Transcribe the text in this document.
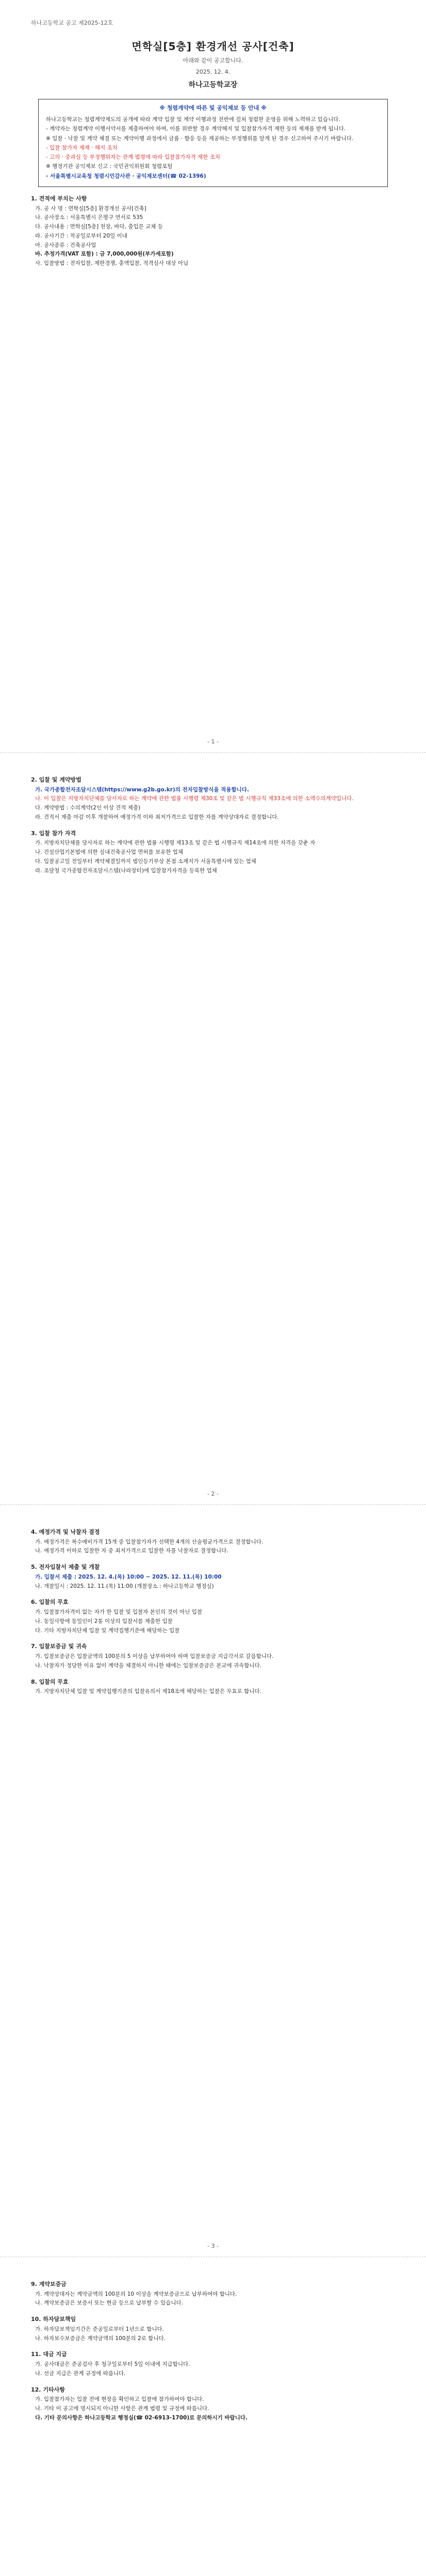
하나고등학교 공고 제2025-12호
면학실[5층] 환경개선 공사[건축]
아래와 같이 공고합니다.
2025. 12. 4.
하나고등학교장
※ 청렴계약에 따른 및 공익제보 등 안내 ※

하나고등학교는 청렴계약제도의 공개에 따라 계약 입찰 및 계약 이행과정 전반에 걸쳐 청렴한 운영을 위해 노력하고 있습니다.

- 계약자는 청렴계약 이행서약서를 제출하여야 하며, 이를 위반할 경우 계약해지 및 입찰참가자격 제한 등의 제재를 받게 됩니다.

※ 입찰 · 낙찰 및 계약 체결 또는 계약이행 과정에서 금품 · 향응 등을 제공하는 부정행위를 알게 된 경우 신고하여 주시기 바랍니다.

- 입찰 참가자 제재 · 해지 조치

- 고의 · 중과실 등 부정행위자는 관계 법령에 따라 입찰참가자격 제한 조치

※ 행정기관 공익제보 신고 : 국민권익위원회 청렴포털

- 서울특별시교육청 청렴시민감사관 · 공익제보센터(☎ 02-1396)

1. 견적에 부치는 사항

가. 공 사 명 : 면학실[5층] 환경개선 공사[건축]

나. 공사장소 : 서울특별시 은평구 연서로 535

다. 공사내용 : 면학실[5층] 천장, 바닥, 출입문 교체 등

라. 공사기간 : 착공일로부터 20일 이내

마. 공사종류 : 건축공사업

바. 추정가격(VAT 포함) : 금 7,000,000원(부가세포함)

사. 입찰방법 : 전자입찰, 제한경쟁, 총액입찰, 적격심사 대상 아님

- 1 -
2. 입찰 및 계약방법

가. 국가종합전자조달시스템(https://www.g2b.go.kr)의 전자입찰방식을 적용합니다.

나. 이 입찰은 지방자치단체를 당사자로 하는 계약에 관한 법률 시행령 제30조 및 같은 법 시행규칙 제33조에 의한 소액수의계약입니다.

다. 계약방법 : 수의계약(2인 이상 견적 제출)

라. 견적서 제출 마감 이후 개찰하여 예정가격 이하 최저가격으로 입찰한 자를 계약상대자로 결정합니다.

3. 입찰 참가 자격

가. 지방자치단체를 당사자로 하는 계약에 관한 법률 시행령 제13조 및 같은 법 시행규칙 제14조에 의한 자격을 갖춘 자

나. 건설산업기본법에 의한 실내건축공사업 면허를 보유한 업체

다. 입찰공고일 전일부터 계약체결일까지 법인등기부상 본점 소재지가 서울특별시에 있는 업체

라. 조달청 국가종합전자조달시스템(나라장터)에 입찰참가자격을 등록한 업체

- 2 -
4. 예정가격 및 낙찰자 결정

가. 예정가격은 복수예비가격 15개 중 입찰참가자가 선택한 4개의 산술평균가격으로 결정합니다.

나. 예정가격 이하로 입찰한 자 중 최저가격으로 입찰한 자를 낙찰자로 결정합니다.

5. 전자입찰서 제출 및 개찰

가. 입찰서 제출 : 2025. 12. 4.(목) 10:00 ~ 2025. 12. 11.(목) 10:00

나. 개찰일시 : 2025. 12. 11.(목) 11:00 (개찰장소 : 하나고등학교 행정실)

6. 입찰의 무효

가. 입찰참가자격이 없는 자가 한 입찰 및 입찰자 본인의 것이 아닌 입찰

나. 동일사항에 동일인이 2통 이상의 입찰서를 제출한 입찰

다. 기타 지방자치단체 입찰 및 계약집행기준에 해당하는 입찰

7. 입찰보증금 및 귀속

가. 입찰보증금은 입찰금액의 100분의 5 이상을 납부하여야 하며 입찰보증금 지급각서로 갈음합니다.

나. 낙찰자가 정당한 이유 없이 계약을 체결하지 아니한 때에는 입찰보증금은 본교에 귀속합니다.

8. 입찰의 무효

가. 지방자치단체 입찰 및 계약집행기준의 입찰유의서 제18조에 해당하는 입찰은 무효로 합니다.

- 3 -
9. 계약보증금

가. 계약상대자는 계약금액의 100분의 10 이상을 계약보증금으로 납부하여야 합니다.

나. 계약보증금은 보증서 또는 현금 등으로 납부할 수 있습니다.

10. 하자담보책임

가. 하자담보책임기간은 준공일로부터 1년으로 합니다.

나. 하자보수보증금은 계약금액의 100분의 2로 합니다.

11. 대금 지급

가. 공사대금은 준공검사 후 청구일로부터 5일 이내에 지급합니다.

나. 선금 지급은 관계 규정에 따릅니다.

12. 기타사항

가. 입찰참가자는 입찰 전에 현장을 확인하고 입찰에 참가하여야 합니다.

나. 기타 이 공고에 명시되지 아니한 사항은 관계 법령 및 규정에 따릅니다.

다. 기타 문의사항은 하나고등학교 행정실(☎ 02-6913-1700)로 문의하시기 바랍니다.
